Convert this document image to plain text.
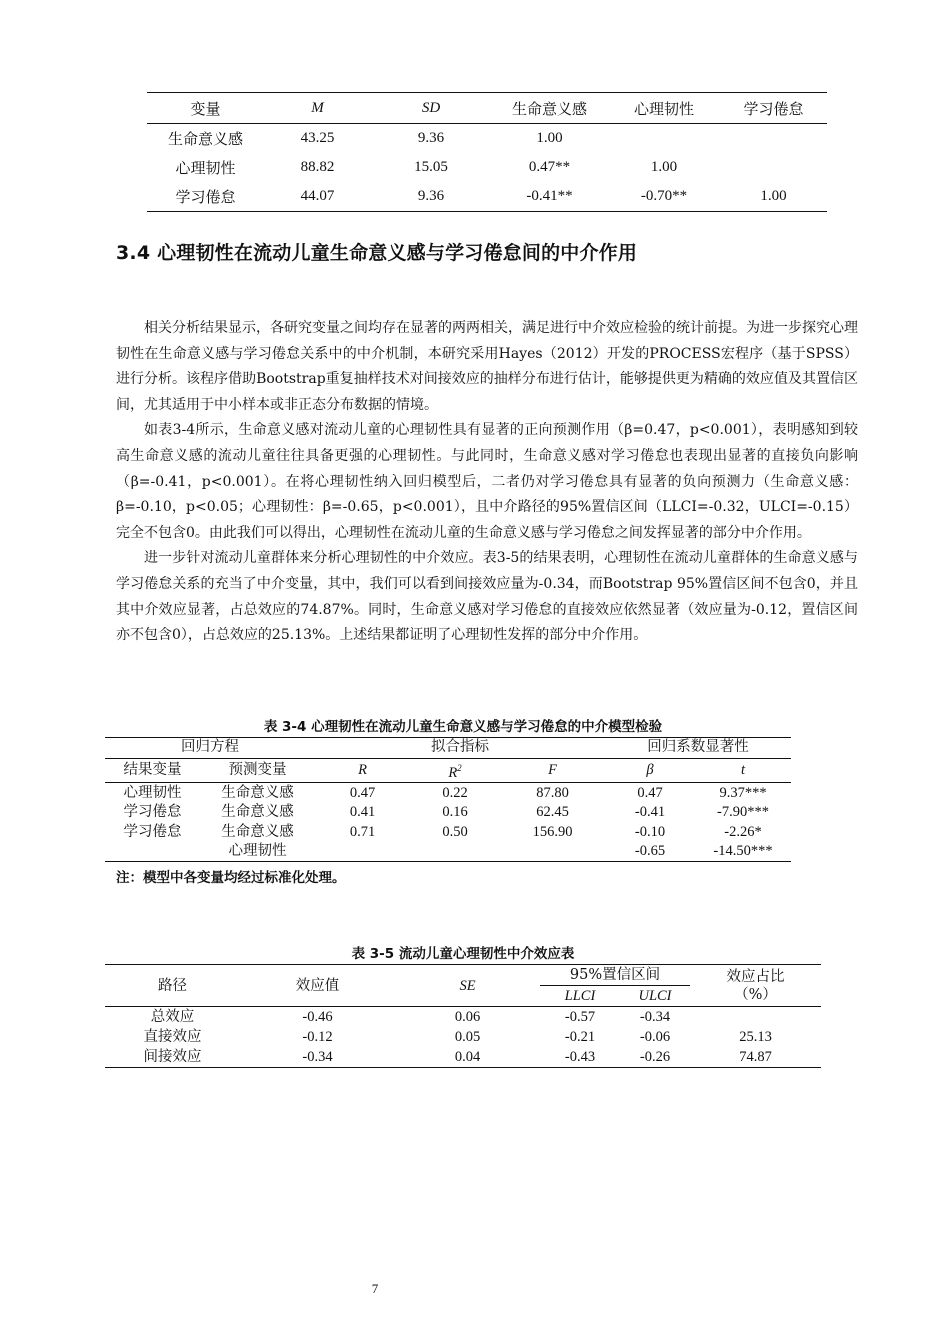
变量	M	SD	生命意义感	心理韧性	学习倦怠
生命意义感	43.25	9.36	1.00		
心理韧性	88.82	15.05	0.47**	1.00	
学习倦怠	44.07	9.36	-0.41**	-0.70**	1.00
3.4 心理韧性在流动儿童生命意义感与学习倦怠间的中介作用

相关分析结果显示，各研究变量之间均存在显著的两两相关，满足进行中介效应检验的统计前提。为进一步探究心理韧性在生命意义感与学习倦怠关系中的中介机制，本研究采用Hayes（2012）开发的PROCESS宏程序（基于SPSS）进行分析。该程序借助Bootstrap重复抽样技术对间接效应的抽样分布进行估计，能够提供更为精确的效应值及其置信区间，尤其适用于中小样本或非正态分布数据的情境。

如表3-4所示，生命意义感对流动儿童的心理韧性具有显著的正向预测作用（β=0.47，p<0.001），表明感知到较高生命意义感的流动儿童往往具备更强的心理韧性。与此同时，生命意义感对学习倦怠也表现出显著的直接负向影响（β=-0.41，p<0.001）。在将心理韧性纳入回归模型后，二者仍对学习倦怠具有显著的负向预测力（生命意义感：β=-0.10，p<0.05；心理韧性：β=-0.65，p<0.001），且中介路径的95%置信区间（LLCI=-0.32，ULCI=-0.15）完全不包含0。由此我们可以得出，心理韧性在流动儿童的生命意义感与学习倦怠之间发挥显著的部分中介作用。

进一步针对流动儿童群体来分析心理韧性的中介效应。表3-5的结果表明，心理韧性在流动儿童群体的生命意义感与学习倦怠关系的充当了中介变量，其中，我们可以看到间接效应量为-0.34，而Bootstrap 95%置信区间不包含0，并且其中介效应显著，占总效应的74.87%。同时，生命意义感对学习倦怠的直接效应依然显著（效应量为-0.12，置信区间亦不包含0），占总效应的25.13%。上述结果都证明了心理韧性发挥的部分中介作用。

表 3-4 心理韧性在流动儿童生命意义感与学习倦怠的中介模型检验
回归方程		拟合指标			回归系数显著性	
结果变量	预测变量	R	$R^2$	F	β	t
心理韧性	生命意义感	0.47	0.22	87.80	0.47	9.37***
学习倦怠	生命意义感	0.41	0.16	62.45	-0.41	-7.90***
学习倦怠	生命意义感	0.71	0.50	156.90	-0.10	-2.26*
	心理韧性				-0.65	-14.50***
注：模型中各变量均经过标准化处理。
表 3-5 流动儿童心理韧性中介效应表
路径	效应值	SE	95%置信区间		效应占比
（%）

			LLCI	ULCI	
总效应	-0.46	0.06	-0.57	-0.34	
直接效应	-0.12	0.05	-0.21	-0.06	25.13
间接效应	-0.34	0.04	-0.43	-0.26	74.87
7
